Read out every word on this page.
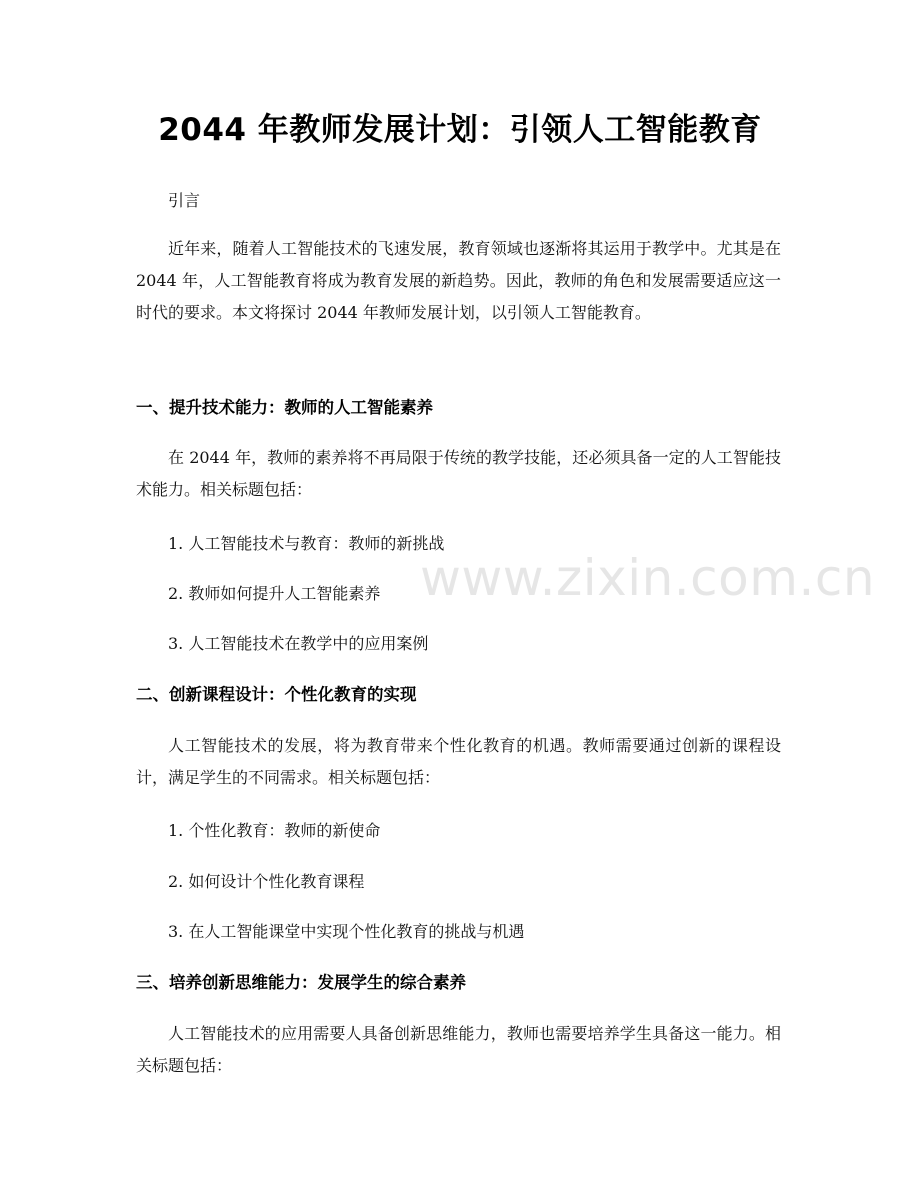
www.zixin.com.cn
2044 年教师发展计划：引领人工智能教育

引言

近年来，随着人工智能技术的飞速发展，教育领域也逐渐将其运用于教学中。尤其是在 2044 年，人工智能教育将成为教育发展的新趋势。因此，教师的角色和发展需要适应这一时代的要求。本文将探讨 2044 年教师发展计划，以引领人工智能教育。

一、提升技术能力：教师的人工智能素养

在 2044 年，教师的素养将不再局限于传统的教学技能，还必须具备一定的人工智能技术能力。相关标题包括：

1. 人工智能技术与教育：教师的新挑战

2. 教师如何提升人工智能素养

3. 人工智能技术在教学中的应用案例

二、创新课程设计：个性化教育的实现

人工智能技术的发展，将为教育带来个性化教育的机遇。教师需要通过创新的课程设计，满足学生的不同需求。相关标题包括：

1. 个性化教育：教师的新使命

2. 如何设计个性化教育课程

3. 在人工智能课堂中实现个性化教育的挑战与机遇

三、培养创新思维能力：发展学生的综合素养

人工智能技术的应用需要人具备创新思维能力，教师也需要培养学生具备这一能力。相关标题包括：
